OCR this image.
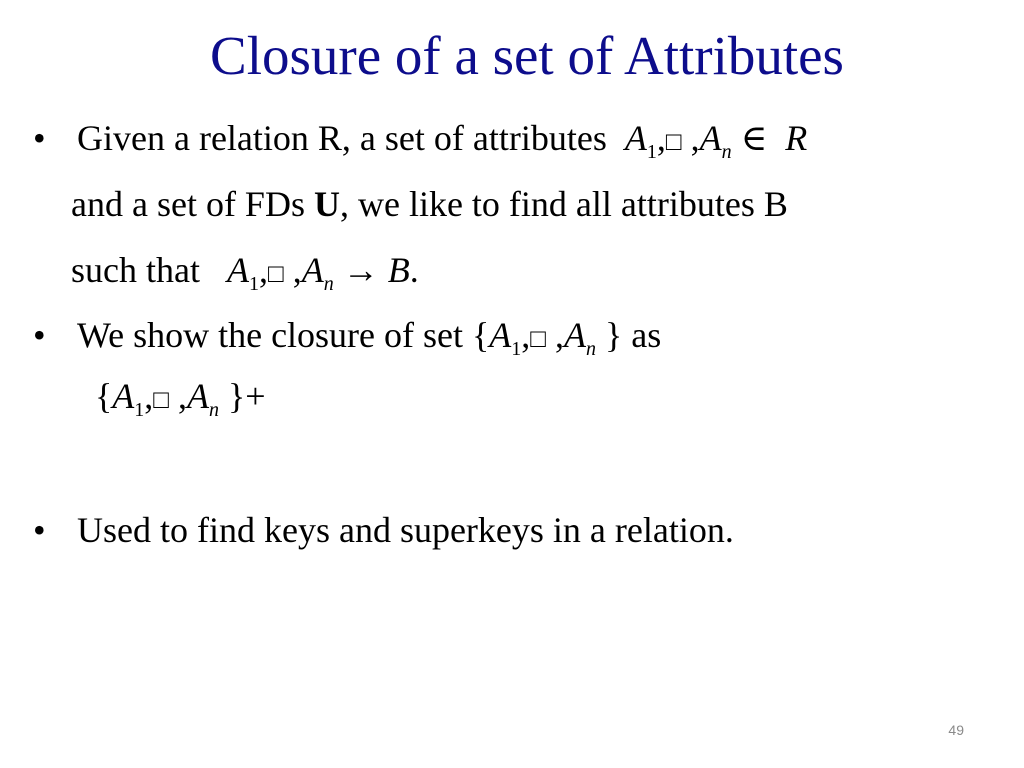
Closure of a set of Attributes
• Given a relation R, a set of attributes $A_1,□$ $,A_n$ ∈ R
and a set of FDs U, we like to find all attributes B
such that $A_1,□$ $,A_n \to B$.
• We show the closure of set {$A_1,□$ $,A_n$ } as
{$A_1,□$ $,A_n$ }+
• Used to find keys and superkeys in a relation.
49
